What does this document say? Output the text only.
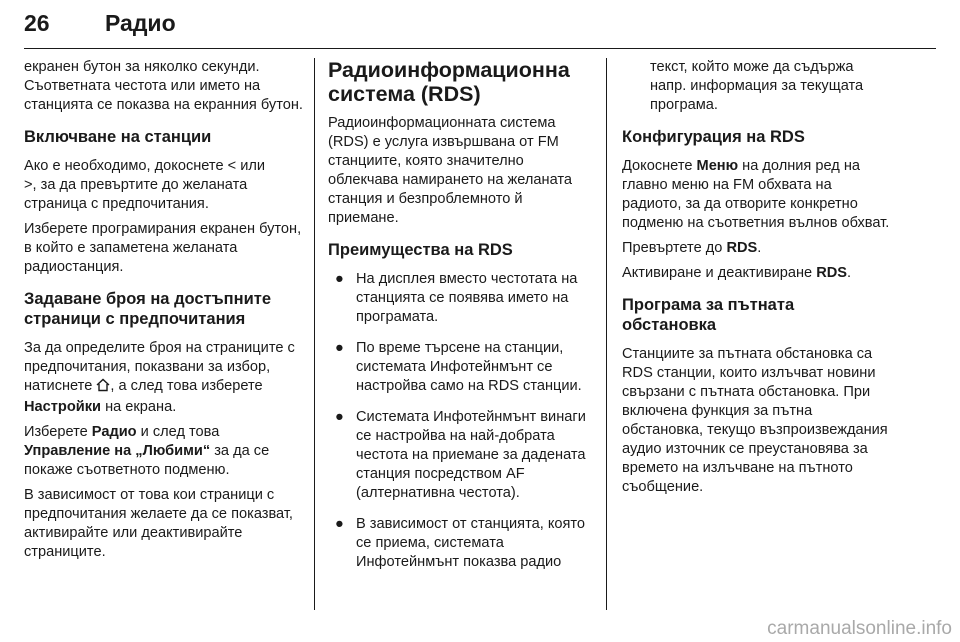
26 Радио

екранен бутон за няколко секунди. Съответната честота или името на станцията се показва на екранния бутон.

Включване на станции

Ако е необходимо, докоснете < или
>, за да превъртите до желаната страница с предпочитания.

Изберете програмирания екранен бутон, в който е запаметена желаната радиостанция.

Задаване броя на достъпните страници с предпочитания

За да определите броя на страниците с предпочитания, показвани за избор, натиснете , а след това изберете Настройки на екрана.

Изберете Радио и след това Управление на „Любими“ за да се покаже съответното подменю.

В зависимост от това кои страници с предпочитания желаете да се показват, активирайте или деактивирайте страниците.

Радиоинформационна система (RDS)

Радиоинформационната система (RDS) е услуга извършвана от FM станциите, която значително облекчава намирането на желаната станция и безпроблемното й приемане.

Преимущества на RDS
● На дисплея вместо честотата на станцията се появява името на програмата.
● По време търсене на станции, системата Инфотейнмънт се настройва само на RDS станции.
● Системата Инфотейнмънт винаги се настройва на най-добрата честота на приемане за дадената станция посредством AF (алтернативна честота).
● В зависимост от станцията, която се приема, системата Инфотейнмънт показва радио

текст, който може да съдържа напр. информация за текущата програма.

Конфигурация на RDS

Докоснете Меню на долния ред на главно меню на FM обхвата на радиото, за да отворите конкретно подменю на съответния вълнов обхват.

Превъртете до RDS.

Активиране и деактивиране RDS.

Програма за пътната обстановка

Станциите за пътната обстановка са RDS станции, които излъчват новини свързани с пътната обстановка. При включена функция за пътна обстановка, текущо възпроизвеждания аудио източник се преустановява за времето на излъчване на пътното съобщение.

carmanualsonline.info
